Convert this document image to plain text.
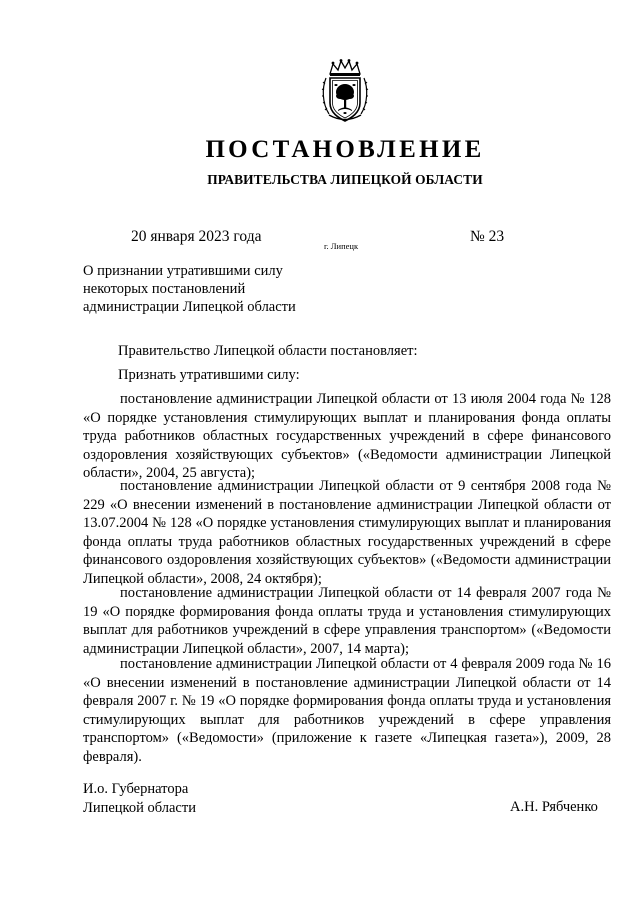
ПОСТАНОВЛЕНИЕ
ПРАВИТЕЛЬСТВА ЛИПЕЦКОЙ ОБЛАСТИ
20 января 2023 года
г. Липецк
№ 23
О признании утратившими силу
некоторых постановлений
администрации Липецкой области
Правительство Липецкой области постановляет:
Признать утратившими силу:
постановление администрации Липецкой области от 13 июля 2004 года № 128 «О порядке установления стимулирующих выплат и планирования фонда оплаты труда работников областных государственных учреждений в сфере финансового оздоровления хозяйствующих субъектов» («Ведомости администрации Липецкой области», 2004, 25 августа);
постановление администрации Липецкой области от 9 сентября 2008 года № 229 «О внесении изменений в постановление администрации Липецкой области от 13.07.2004 № 128 «О порядке установления стимулирующих выплат и планирования фонда оплаты труда работников областных государственных учреждений в сфере финансового оздоровления хозяйствующих субъектов» («Ведомости администрации Липецкой области», 2008, 24 октября);
постановление администрации Липецкой области от 14 февраля 2007 года № 19 «О порядке формирования фонда оплаты труда и установления стимулирующих выплат для работников учреждений в сфере управления транспортом» («Ведомости администрации Липецкой области», 2007, 14 марта);
постановление администрации Липецкой области от 4 февраля 2009 года № 16 «О внесении изменений в постановление администрации Липецкой области от 14 февраля 2007 г. № 19 «О порядке формирования фонда оплаты труда и установления стимулирующих выплат для работников учреждений в сфере управления транспортом» («Ведомости» (приложение к газете «Липецкая газета»), 2009, 28 февраля).
И.о. Губернатора
Липецкой области	А.Н. Рябченко
